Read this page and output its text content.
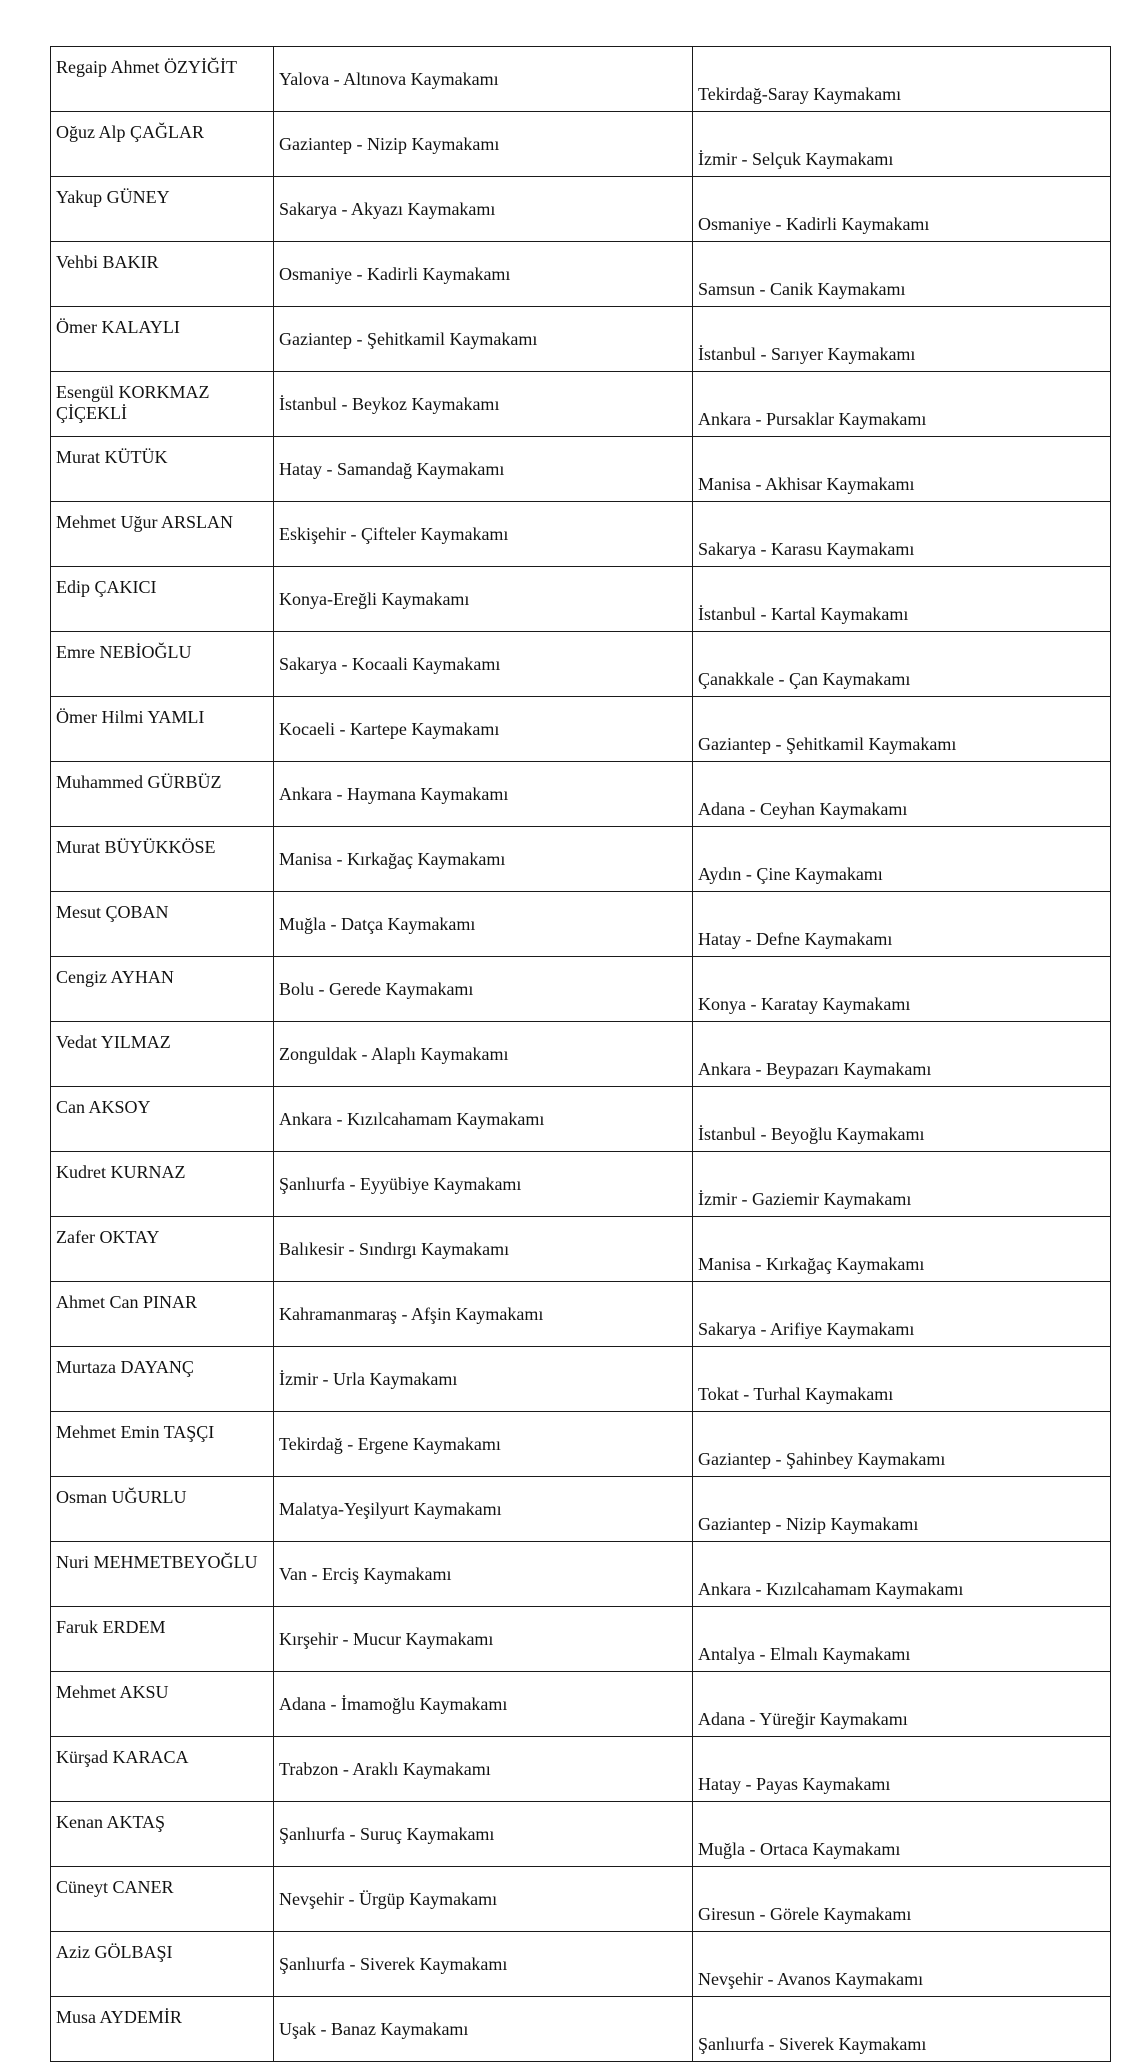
Regaip Ahmet ÖZYİĞİT	Yalova - Altınova Kaymakamı	Tekirdağ-Saray Kaymakamı
Oğuz Alp ÇAĞLAR	Gaziantep - Nizip Kaymakamı	İzmir - Selçuk Kaymakamı
Yakup GÜNEY	Sakarya - Akyazı Kaymakamı	Osmaniye - Kadirli Kaymakamı
Vehbi BAKIR	Osmaniye - Kadirli Kaymakamı	Samsun - Canik Kaymakamı
Ömer KALAYLI	Gaziantep - Şehitkamil Kaymakamı	İstanbul - Sarıyer Kaymakamı
Esengül KORKMAZ ÇİÇEKLİ	İstanbul - Beykoz Kaymakamı	Ankara - Pursaklar Kaymakamı
Murat KÜTÜK	Hatay - Samandağ Kaymakamı	Manisa - Akhisar Kaymakamı
Mehmet Uğur ARSLAN	Eskişehir - Çifteler Kaymakamı	Sakarya - Karasu Kaymakamı
Edip ÇAKICI	Konya-Ereğli Kaymakamı	İstanbul - Kartal Kaymakamı
Emre NEBİOĞLU	Sakarya - Kocaali Kaymakamı	Çanakkale - Çan Kaymakamı
Ömer Hilmi YAMLI	Kocaeli - Kartepe Kaymakamı	Gaziantep - Şehitkamil Kaymakamı
Muhammed GÜRBÜZ	Ankara - Haymana Kaymakamı	Adana - Ceyhan Kaymakamı
Murat BÜYÜKKÖSE	Manisa - Kırkağaç Kaymakamı	Aydın - Çine Kaymakamı
Mesut ÇOBAN	Muğla - Datça Kaymakamı	Hatay - Defne Kaymakamı
Cengiz AYHAN	Bolu - Gerede Kaymakamı	Konya - Karatay Kaymakamı
Vedat YILMAZ	Zonguldak - Alaplı Kaymakamı	Ankara - Beypazarı Kaymakamı
Can AKSOY	Ankara - Kızılcahamam Kaymakamı	İstanbul - Beyoğlu Kaymakamı
Kudret KURNAZ	Şanlıurfa - Eyyübiye Kaymakamı	İzmir - Gaziemir Kaymakamı
Zafer OKTAY	Balıkesir - Sındırgı Kaymakamı	Manisa - Kırkağaç Kaymakamı
Ahmet Can PINAR	Kahramanmaraş - Afşin Kaymakamı	Sakarya - Arifiye Kaymakamı
Murtaza DAYANÇ	İzmir - Urla Kaymakamı	Tokat - Turhal Kaymakamı
Mehmet Emin TAŞÇI	Tekirdağ - Ergene Kaymakamı	Gaziantep - Şahinbey Kaymakamı
Osman UĞURLU	Malatya-Yeşilyurt Kaymakamı	Gaziantep - Nizip Kaymakamı
Nuri MEHMETBEYOĞLU	Van - Erciş Kaymakamı	Ankara - Kızılcahamam Kaymakamı
Faruk ERDEM	Kırşehir - Mucur Kaymakamı	Antalya - Elmalı Kaymakamı
Mehmet AKSU	Adana - İmamoğlu Kaymakamı	Adana - Yüreğir Kaymakamı
Kürşad KARACA	Trabzon - Araklı Kaymakamı	Hatay - Payas Kaymakamı
Kenan AKTAŞ	Şanlıurfa - Suruç Kaymakamı	Muğla - Ortaca Kaymakamı
Cüneyt CANER	Nevşehir - Ürgüp Kaymakamı	Giresun - Görele Kaymakamı
Aziz GÖLBAŞI	Şanlıurfa - Siverek Kaymakamı	Nevşehir - Avanos Kaymakamı
Musa AYDEMİR	Uşak - Banaz Kaymakamı	Şanlıurfa - Siverek Kaymakamı
